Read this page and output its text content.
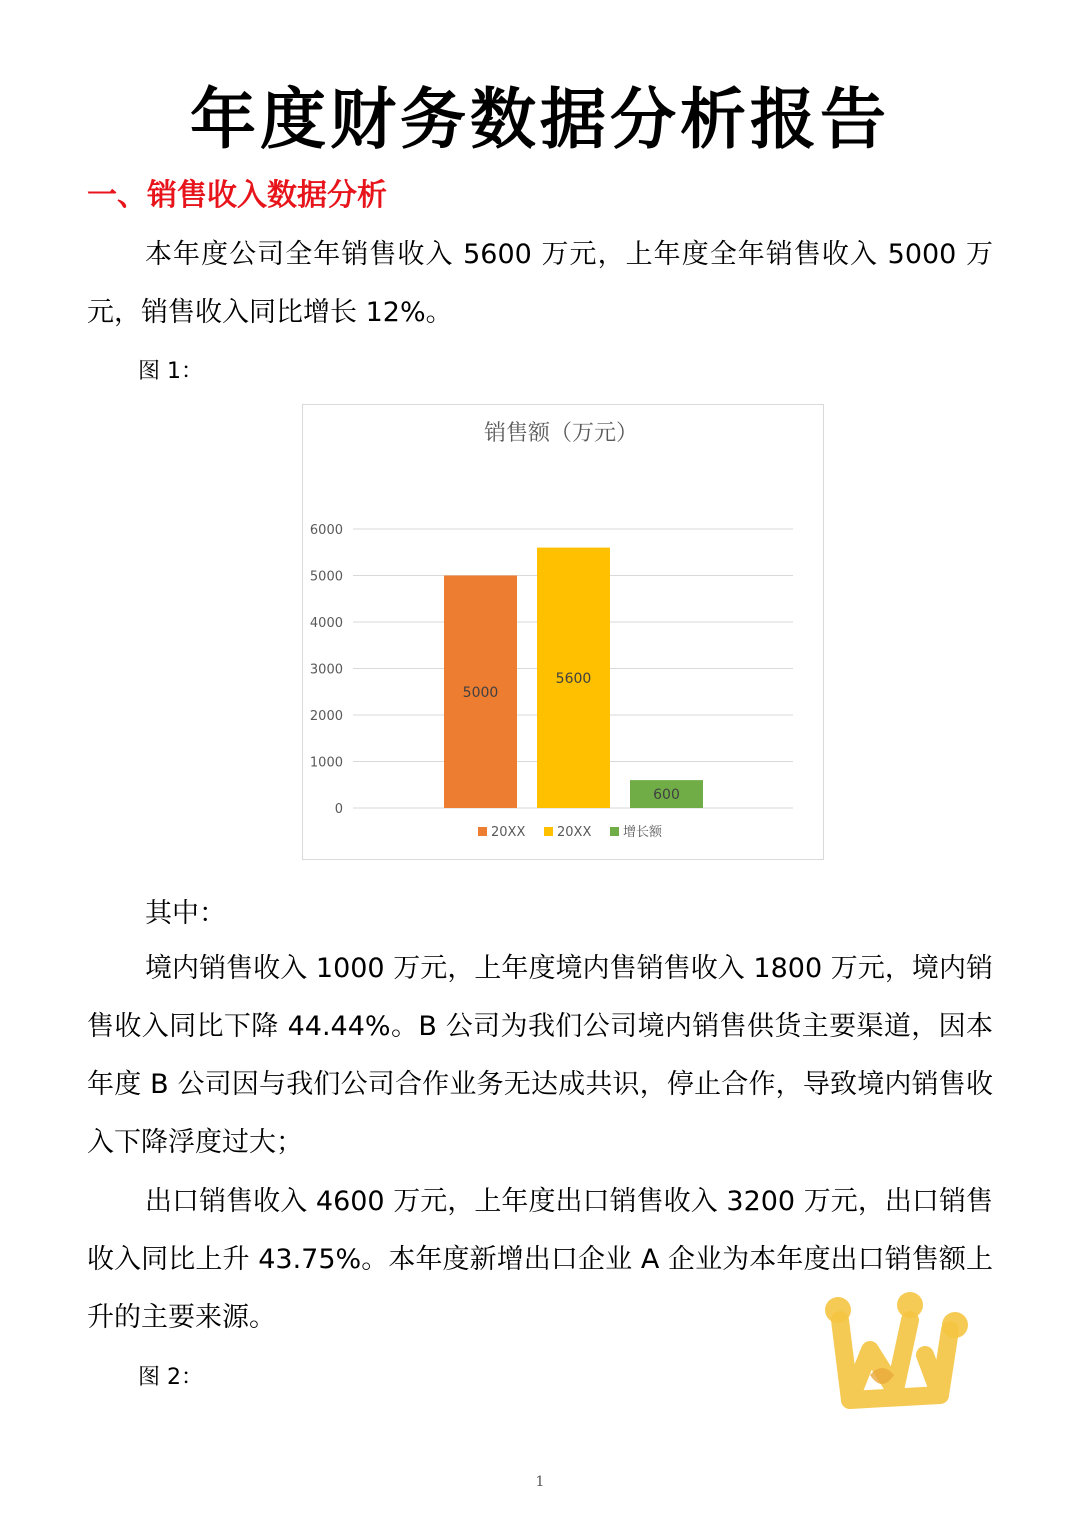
年度财务数据分析报告
一、销售收入数据分析

本年度公司全年销售收入 5600 万元，上年度全年销售收入 5000 万元，销售收入同比增长 12%。

图 1：
销售额（万元）
0
1000
2000
3000
4000
5000
6000
5000
5600
600
20XX 20XX 增长额
其中：

境内销售收入 1000 万元，上年度境内售销售收入 1800 万元，境内销售收入同比下降 44.44%。B 公司为我们公司境内销售供货主要渠道，因本年度 B 公司因与我们公司合作业务无达成共识，停止合作，导致境内销售收入下降浮度过大；

出口销售收入 4600 万元，上年度出口销售收入 3200 万元，出口销售收入同比上升 43.75%。本年度新增出口企业 A 企业为本年度出口销售额上升的主要来源。

图 2：
1
